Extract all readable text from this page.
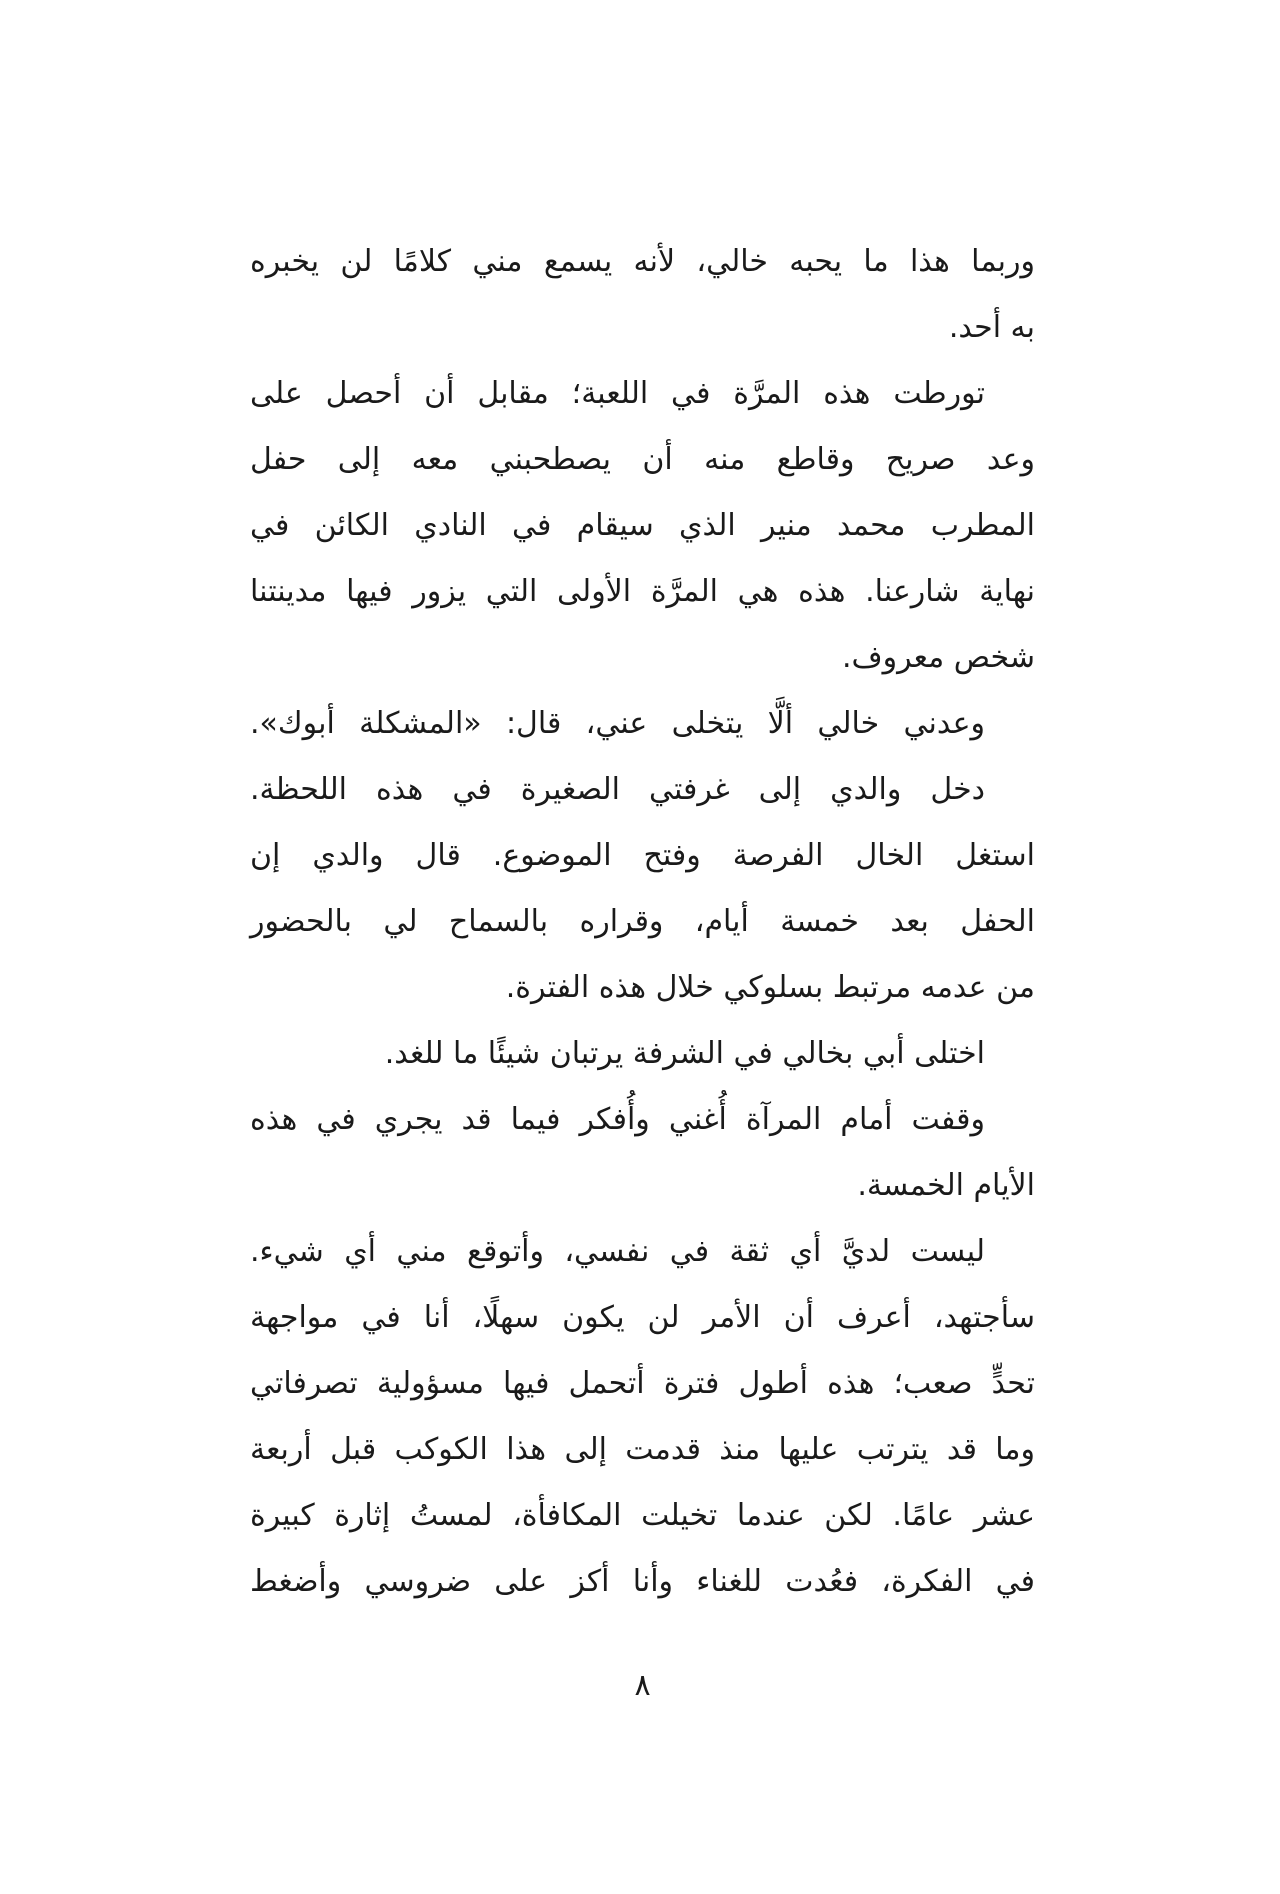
وربما هذا ما يحبه خالي، لأنه يسمع مني كلامًا لن يخبره
به أحد.
تورطت هذه المرَّة في اللعبة؛ مقابل أن أحصل على
وعد صريح وقاطع منه أن يصطحبني معه إلى حفل
المطرب محمد منير الذي سيقام في النادي الكائن في
نهاية شارعنا. هذه هي المرَّة الأولى التي يزور فيها مدينتنا
شخص معروف.
وعدني خالي ألَّا يتخلى عني، قال: «المشكلة أبوك».
دخل والدي إلى غرفتي الصغيرة في هذه اللحظة.
استغل الخال الفرصة وفتح الموضوع. قال والدي إن
الحفل بعد خمسة أيام، وقراره بالسماح لي بالحضور
من عدمه مرتبط بسلوكي خلال هذه الفترة.
اختلى أبي بخالي في الشرفة يرتبان شيئًا ما للغد.
وقفت أمام المرآة أُغني وأُفكر فيما قد يجري في هذه
الأيام الخمسة.
ليست لديَّ أي ثقة في نفسي، وأتوقع مني أي شيء.
سأجتهد، أعرف أن الأمر لن يكون سهلًا، أنا في مواجهة
تحدٍّ صعب؛ هذه أطول فترة أتحمل فيها مسؤولية تصرفاتي
وما قد يترتب عليها منذ قدمت إلى هذا الكوكب قبل أربعة
عشر عامًا. لكن عندما تخيلت المكافأة، لمستُ إثارة كبيرة
في الفكرة، فعُدت للغناء وأنا أكز على ضروسي وأضغط
٨
